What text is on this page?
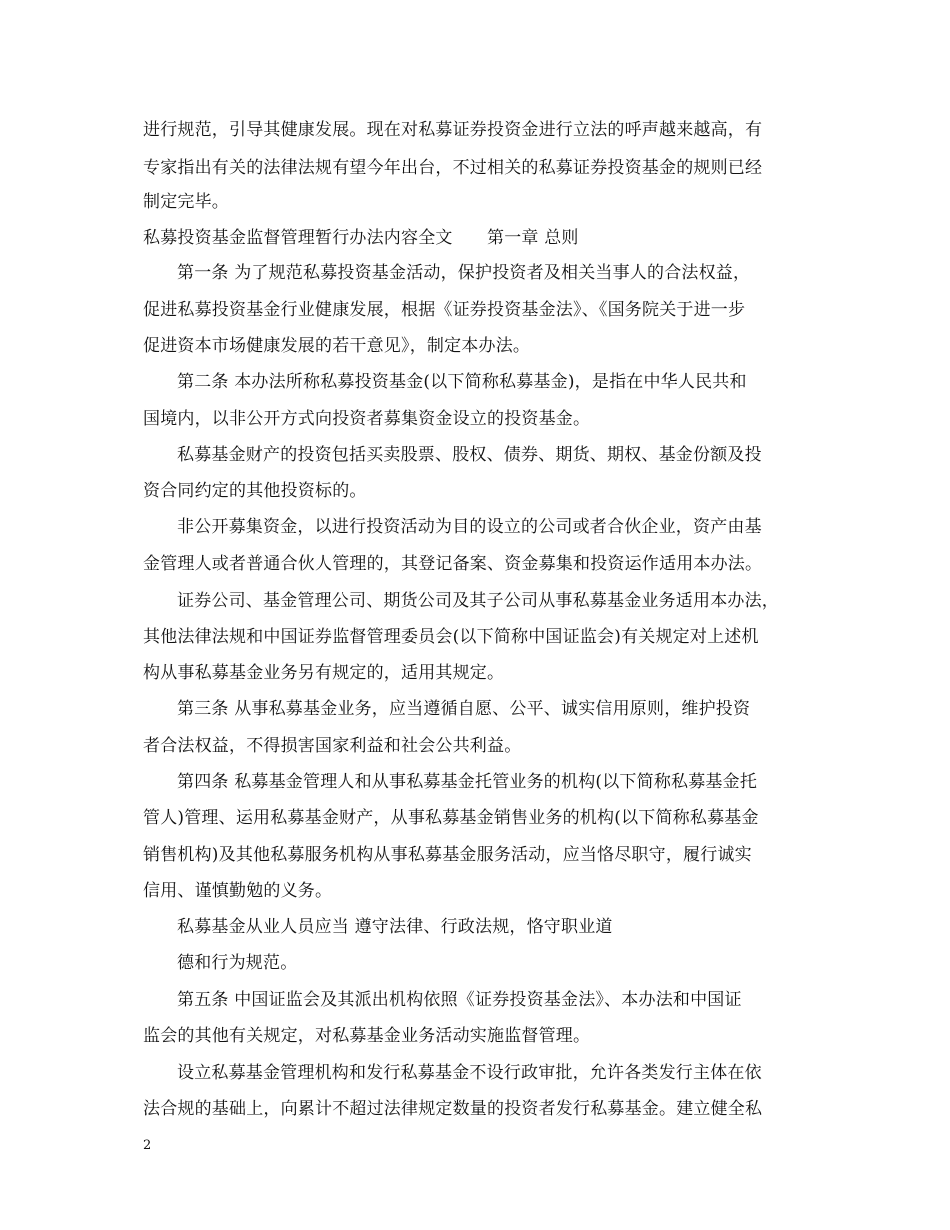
进行规范，引导其健康发展。现在对私募证券投资金进行立法的呼声越来越高，有
专家指出有关的法律法规有望今年出台，不过相关的私募证券投资基金的规则已经
制定完毕。
私募投资基金监督管理暂行办法内容全文　　第一章 总则
第一条 为了规范私募投资基金活动，保护投资者及相关当事人的合法权益，
促进私募投资基金行业健康发展，根据《证券投资基金法》、《国务院关于进一步
促进资本市场健康发展的若干意见》，制定本办法。
第二条 本办法所称私募投资基金(以下简称私募基金)，是指在中华人民共和
国境内，以非公开方式向投资者募集资金设立的投资基金。
私募基金财产的投资包括买卖股票、股权、债券、期货、期权、基金份额及投
资合同约定的其他投资标的。
非公开募集资金，以进行投资活动为目的设立的公司或者合伙企业，资产由基
金管理人或者普通合伙人管理的，其登记备案、资金募集和投资运作适用本办法。
证券公司、基金管理公司、期货公司及其子公司从事私募基金业务适用本办法，
其他法律法规和中国证券监督管理委员会(以下简称中国证监会)有关规定对上述机
构从事私募基金业务另有规定的，适用其规定。
第三条 从事私募基金业务，应当遵循自愿、公平、诚实信用原则，维护投资
者合法权益，不得损害国家利益和社会公共利益。
第四条 私募基金管理人和从事私募基金托管业务的机构(以下简称私募基金托
管人)管理、运用私募基金财产，从事私募基金销售业务的机构(以下简称私募基金
销售机构)及其他私募服务机构从事私募基金服务活动，应当恪尽职守，履行诚实
信用、谨慎勤勉的义务。
私募基金从业人员应当 遵守法律、行政法规，恪守职业道
德和行为规范。
第五条 中国证监会及其派出机构依照《证券投资基金法》、本办法和中国证
监会的其他有关规定，对私募基金业务活动实施监督管理。
设立私募基金管理机构和发行私募基金不设行政审批，允许各类发行主体在依
法合规的基础上，向累计不超过法律规定数量的投资者发行私募基金。建立健全私
2
